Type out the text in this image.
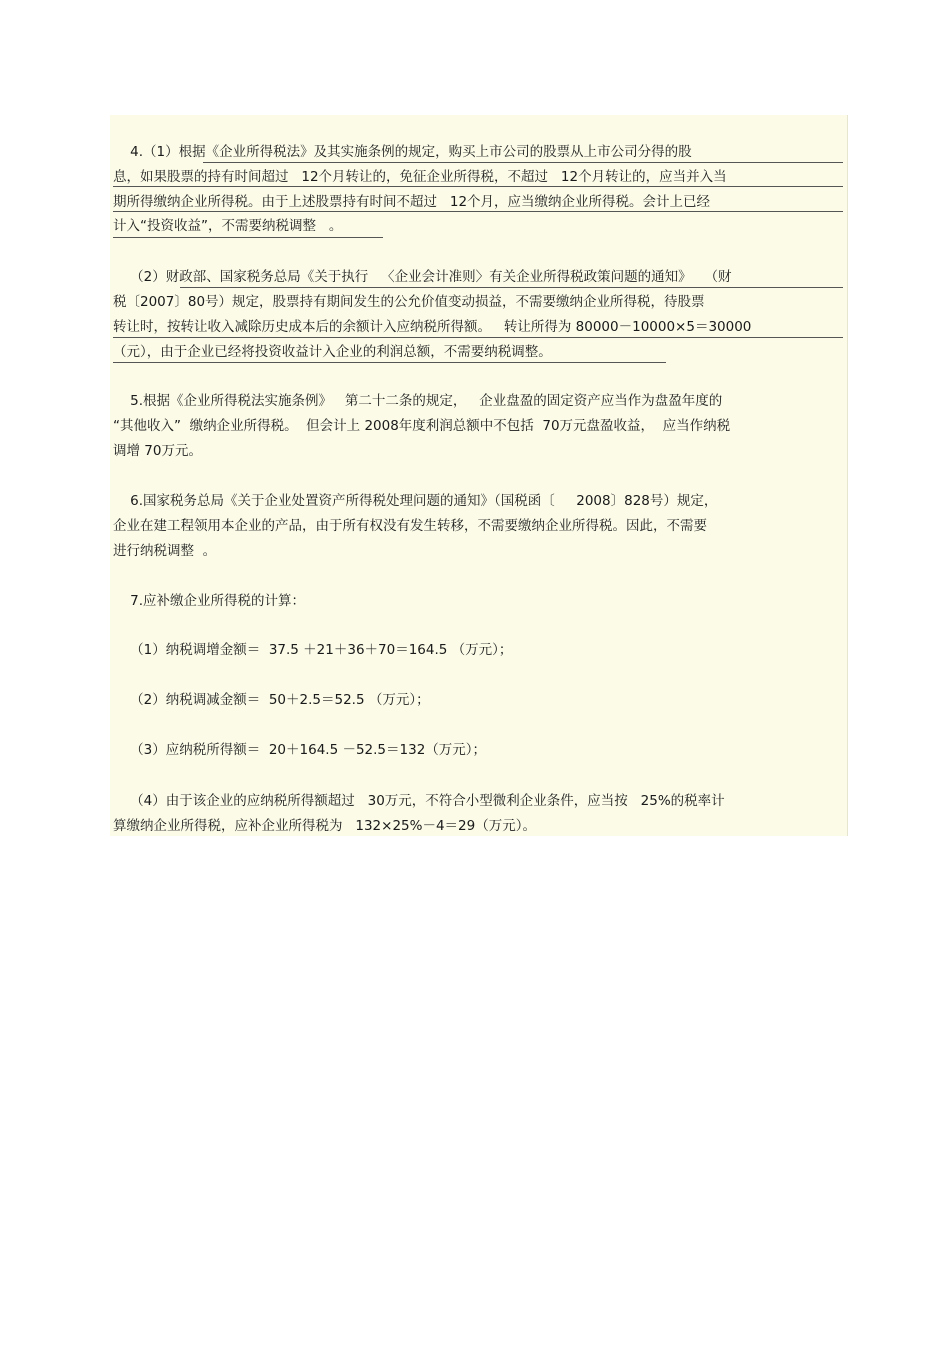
4.（1）根据《企业所得税法》及其实施条例的规定，购买上市公司的股票从上市公司分得的股
息，如果股票的持有时间超过   12个月转让的，免征企业所得税，不超过   12个月转让的，应当并入当
期所得缴纳企业所得税。由于上述股票持有时间不超过   12个月，应当缴纳企业所得税。会计上已经
计入“投资收益”，不需要纳税调整   。
（2）财政部、国家税务总局《关于执行   〈企业会计准则〉有关企业所得税政策问题的通知》   （财
税〔2007〕80号）规定，股票持有期间发生的公允价值变动损益，不需要缴纳企业所得税，待股票
转让时，按转让收入减除历史成本后的余额计入应纳税所得额。   转让所得为 80000－10000×5＝30000
（元），由于企业已经将投资收益计入企业的利润总额，不需要纳税调整。
5.根据《企业所得税法实施条例》   第二十二条的规定，   企业盘盈的固定资产应当作为盘盈年度的
“其他收入”  缴纳企业所得税。  但会计上 2008年度利润总额中不包括  70万元盘盈收益，  应当作纳税
调增 70万元。
6.国家税务总局《关于企业处置资产所得税处理问题的通知》（国税函〔     2008〕828号）规定，
企业在建工程领用本企业的产品，由于所有权没有发生转移，不需要缴纳企业所得税。因此，不需要
进行纳税调整  。
7.应补缴企业所得税的计算：
（1）纳税调增金额＝  37.5 ＋21＋36＋70＝164.5 （万元）；
（2）纳税调减金额＝  50＋2.5＝52.5 （万元）；
（3）应纳税所得额＝  20＋164.5 －52.5＝132（万元）；
（4）由于该企业的应纳税所得额超过   30万元，不符合小型微利企业条件，应当按   25%的税率计
算缴纳企业所得税，应补企业所得税为   132×25%－4＝29（万元）。
